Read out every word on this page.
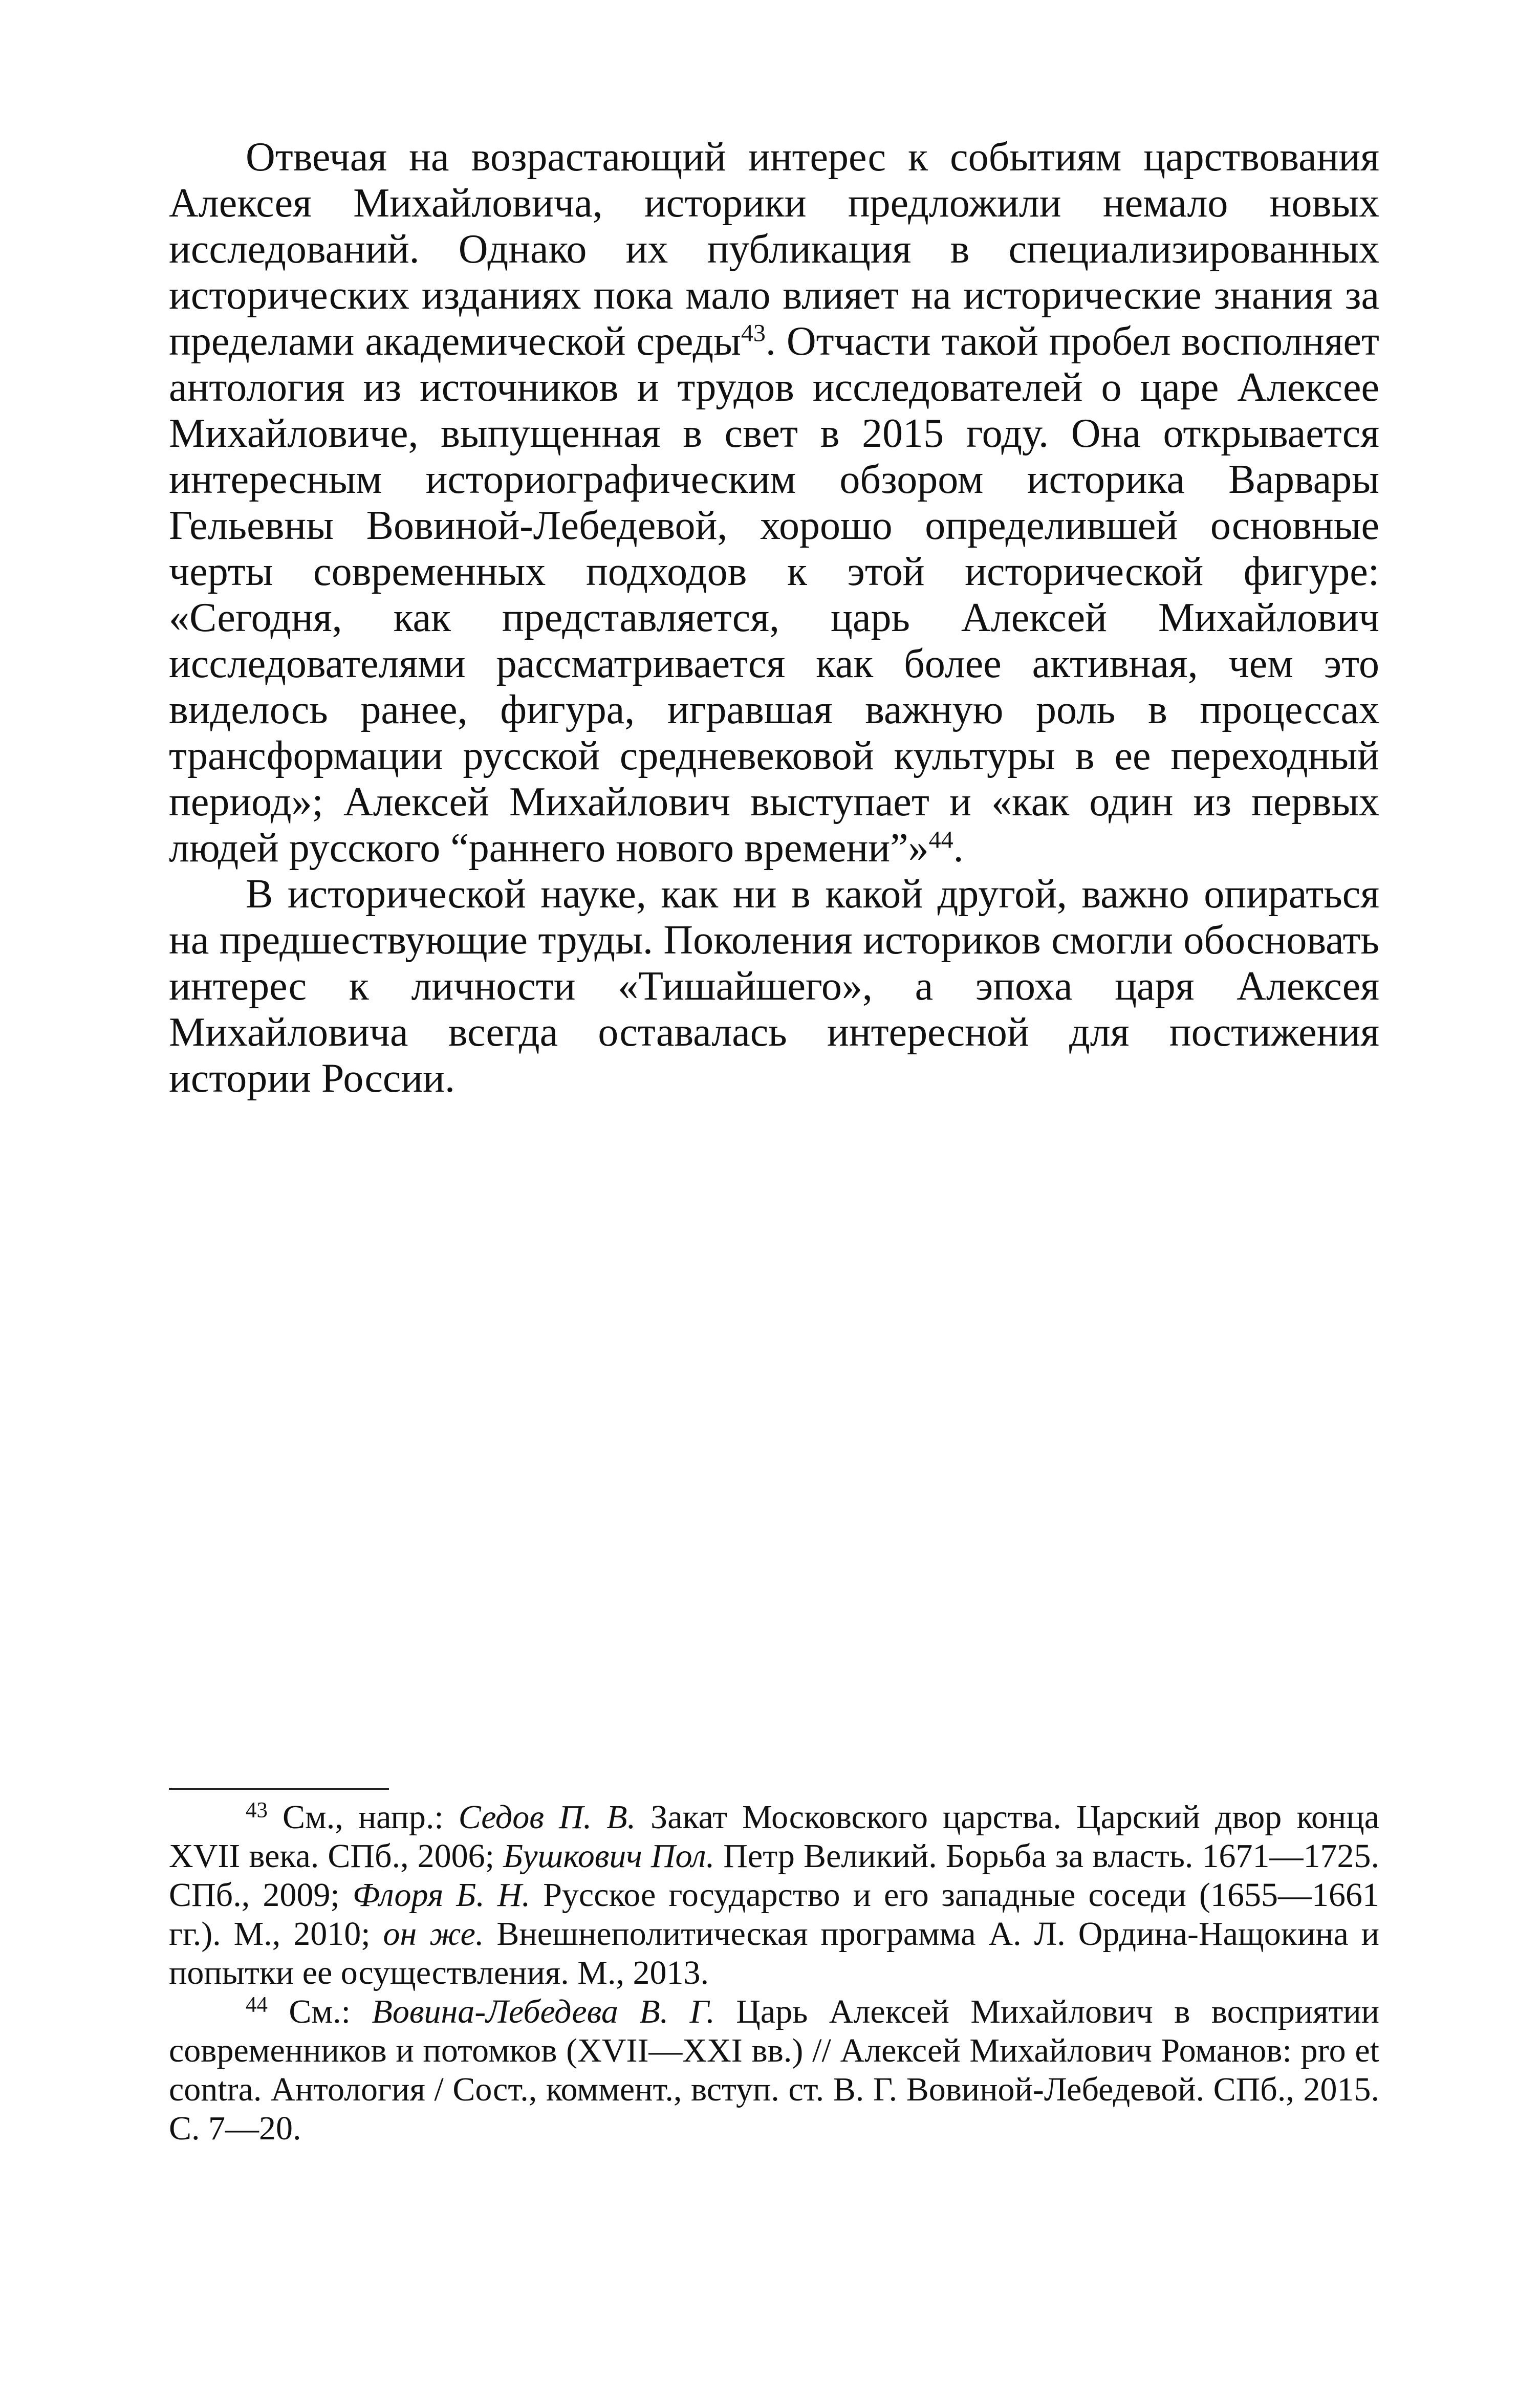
Отвечая на возрастающий интерес к событиям царствования Алексея Михайловича, историки предложили немало новых исследований. Однако их публикация в специализированных исторических изданиях пока мало влияет на исторические знания за пределами академической среды$^{43}$. Отчасти такой пробел восполняет антология из источников и трудов исследователей о царе Алексее Михайловиче, выпущенная в свет в 2015 году. Она открывается интересным историографическим обзором историка Варвары Гельевны Вовиной-Лебедевой, хорошо определившей основные черты современных подходов к этой исторической фигуре: «Сегодня, как представляется, царь Алексей Михайлович исследователями рассматривается как более активная, чем это виделось ранее, фигура, игравшая важную роль в процессах трансформации русской средневековой культуры в ее переходный период»; Алексей Михайлович выступает и «как один из первых людей русского “раннего нового времени”»$^{44}$.

В исторической науке, как ни в какой другой, важно опираться на предшествующие труды. Поколения историков смогли обосновать интерес к личности «Тишайшего», а эпоха царя Алексея Михайловича всегда оставалась интересной для постижения истории России.

$^{43}$ См., напр.: Седов П. В. Закат Московского царства. Царский двор конца XVII века. СПб., 2006; Бушкович Пол. Петр Великий. Борьба за власть. 1671—1725. СПб., 2009; Флоря Б. Н. Русское государство и его западные соседи (1655—1661 гг.). М., 2010; он же. Внешнеполитическая программа А. Л. Ордина-Нащокина и попытки ее осуществления. М., 2013.

$^{44}$ См.: Вовина-Лебедева В. Г. Царь Алексей Михайлович в восприятии современников и потомков (XVII—XXI вв.) // Алексей Михайлович Романов: pro et contra. Антология / Сост., коммент., вступ. ст. В. Г. Вовиной-Лебедевой. СПб., 2015. С. 7—20.
